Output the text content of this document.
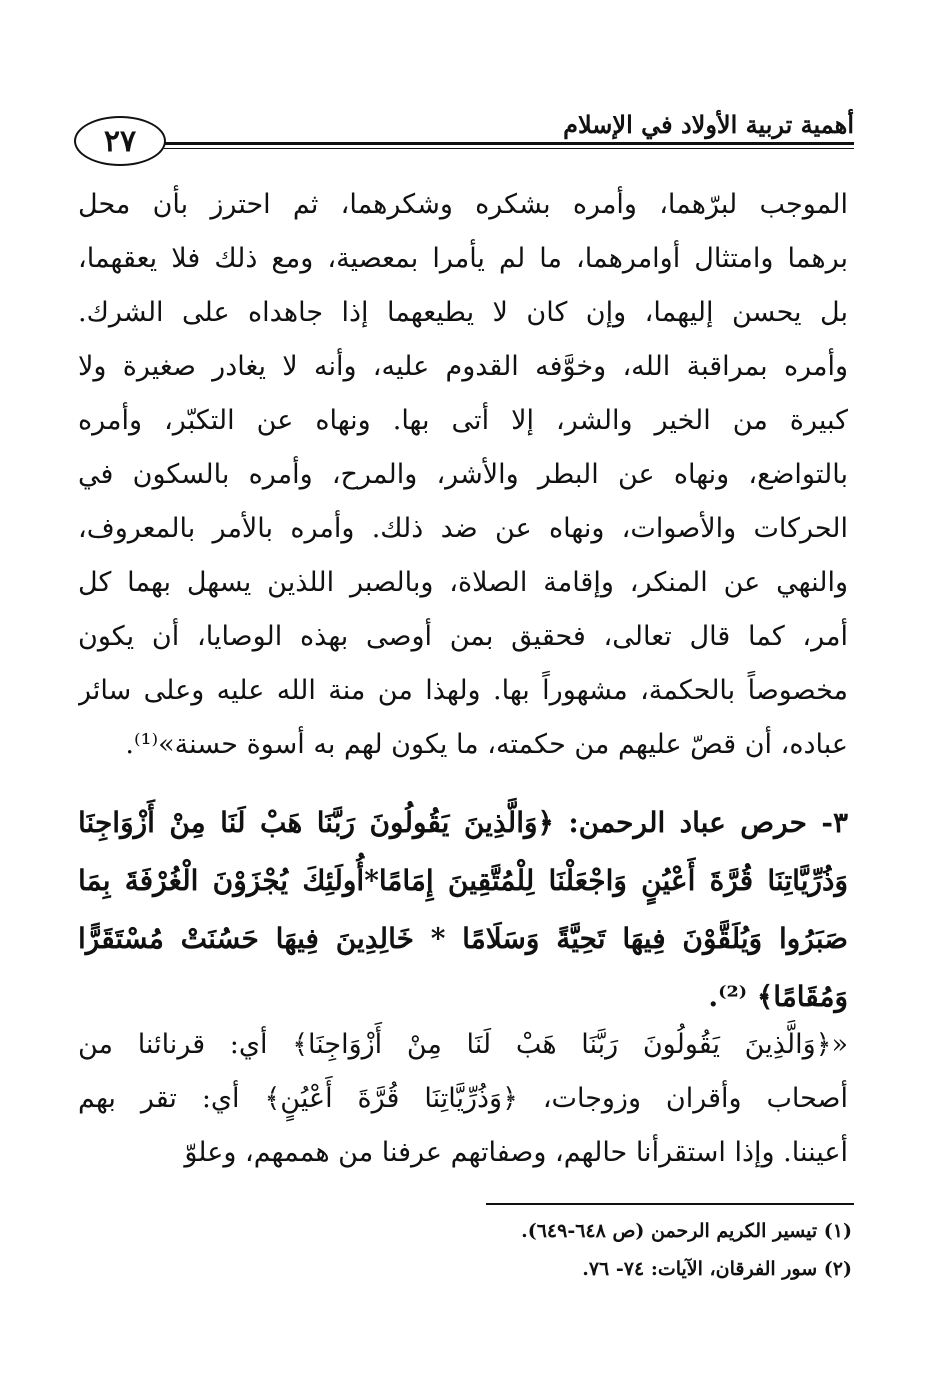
٢٧	أهمية تربية الأولاد في الإسلام
الموجب لبرّهما، وأمره بشكره وشكرهما، ثم احترز بأن محل
برهما وامتثال أوامرهما، ما لم يأمرا بمعصية، ومع ذلك فلا يعقهما،
بل يحسن إليهما، وإن كان لا يطيعهما إذا جاهداه على الشرك.
وأمره بمراقبة الله، وخوَّفه القدوم عليه، وأنه لا يغادر صغيرة ولا
كبيرة من الخير والشر، إلا أتى بها. ونهاه عن التكبّر، وأمره
بالتواضع، ونهاه عن البطر والأشر، والمرح، وأمره بالسكون في
الحركات والأصوات، ونهاه عن ضد ذلك. وأمره بالأمر بالمعروف،
والنهي عن المنكر، وإقامة الصلاة، وبالصبر اللذين يسهل بهما كل
أمر، كما قال تعالى، فحقيق بمن أوصى بهذه الوصايا، أن يكون
مخصوصاً بالحكمة، مشهوراً بها. ولهذا من منة الله عليه وعلى سائر
عباده، أن قصّ عليهم من حكمته، ما يكون لهم به أسوة حسنة»⁽¹⁾.
٣- حرص عباد الرحمن: ﴿وَالَّذِينَ يَقُولُونَ رَبَّنَا هَبْ لَنَا مِنْ أَزْوَاجِنَا
وَذُرِّيَّاتِنَا قُرَّةَ أَعْيُنٍ وَاجْعَلْنَا لِلْمُتَّقِينَ إِمَامًا*أُولَئِكَ يُجْزَوْنَ الْغُرْفَةَ بِمَا
صَبَرُوا وَيُلَقَّوْنَ فِيهَا تَحِيَّةً وَسَلَامًا * خَالِدِينَ فِيهَا حَسُنَتْ مُسْتَقَرًّا
وَمُقَامًا﴾ ⁽²⁾.
«﴿وَالَّذِينَ يَقُولُونَ رَبَّنَا هَبْ لَنَا مِنْ أَزْوَاجِنَا﴾ أي: قرنائنا من
أصحاب وأقران وزوجات، ﴿وَذُرِّيَّاتِنَا قُرَّةَ أَعْيُنٍ﴾ أي: تقر بهم
أعيننا. وإذا استقرأنا حالهم، وصفاتهم عرفنا من هممهم، وعلوّ
(١) تيسير الكريم الرحمن (ص ٦٤٨-٦٤٩).
(٢) سور الفرقان، الآيات: ٧٤- ٧٦.
